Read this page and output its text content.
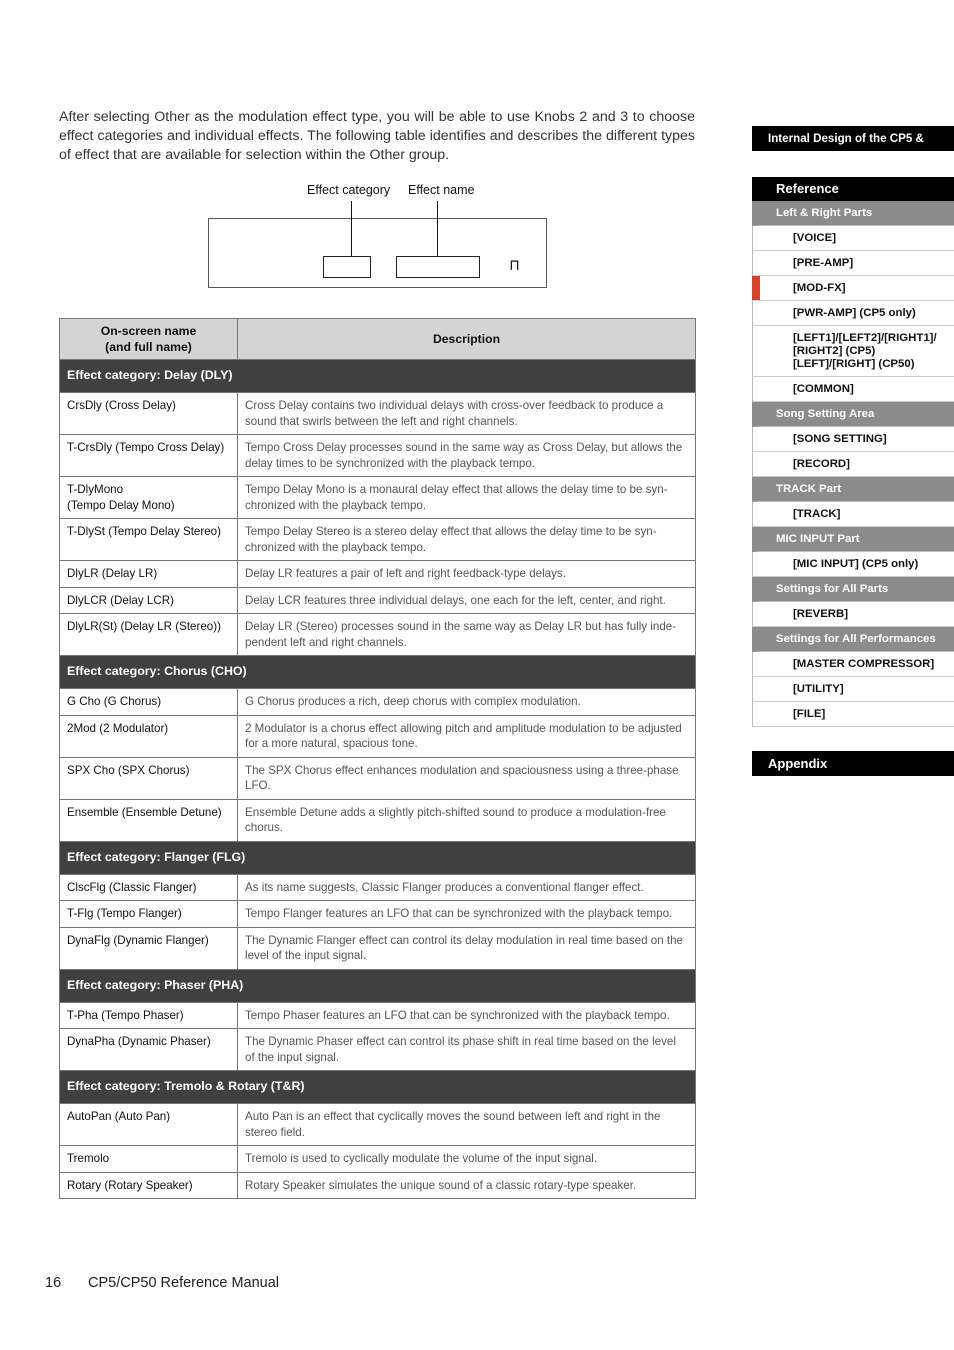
After selecting Other as the modulation effect type, you will be able to use Knobs 2 and 3 to choose effect categories and individual effects. The following table identifies and describes the different types of effect that are available for selection within the Other group.

Effect category Effect name
⊓
On-screen name
(and full name)	Description
Effect category: Delay (DLY)	
CrsDly (Cross Delay)	Cross Delay contains two individual delays with cross-over feedback to produce a sound that swirls between the left and right channels.
T-CrsDly (Tempo Cross Delay)	Tempo Cross Delay processes sound in the same way as Cross Delay, but allows the delay times to be synchronized with the playback tempo.
T-DlyMono
(Tempo Delay Mono)	Tempo Delay Mono is a monaural delay effect that allows the delay time to be syn-chronized with the playback tempo.
T-DlySt (Tempo Delay Stereo)	Tempo Delay Stereo is a stereo delay effect that allows the delay time to be syn-chronized with the playback tempo.
DlyLR (Delay LR)	Delay LR features a pair of left and right feedback-type delays.
DlyLCR (Delay LCR)	Delay LCR features three individual delays, one each for the left, center, and right.
DlyLR(St) (Delay LR (Stereo))	Delay LR (Stereo) processes sound in the same way as Delay LR but has fully inde-pendent left and right channels.
Effect category: Chorus (CHO)	
G Cho (G Chorus)	G Chorus produces a rich, deep chorus with complex modulation.
2Mod (2 Modulator)	2 Modulator is a chorus effect allowing pitch and amplitude modulation to be adjusted for a more natural, spacious tone.
SPX Cho (SPX Chorus)	The SPX Chorus effect enhances modulation and spaciousness using a three-phase LFO.
Ensemble (Ensemble Detune)	Ensemble Detune adds a slightly pitch-shifted sound to produce a modulation-free chorus.
Effect category: Flanger (FLG)	
ClscFlg (Classic Flanger)	As its name suggests, Classic Flanger produces a conventional flanger effect.
T-Flg (Tempo Flanger)	Tempo Flanger features an LFO that can be synchronized with the playback tempo.
DynaFlg (Dynamic Flanger)	The Dynamic Flanger effect can control its delay modulation in real time based on the level of the input signal.
Effect category: Phaser (PHA)	
T-Pha (Tempo Phaser)	Tempo Phaser features an LFO that can be synchronized with the playback tempo.
DynaPha (Dynamic Phaser)	The Dynamic Phaser effect can control its phase shift in real time based on the level of the input signal.
Effect category: Tremolo & Rotary (T&R)	
AutoPan (Auto Pan)	Auto Pan is an effect that cyclically moves the sound between left and right in the stereo field.
Tremolo	Tremolo is used to cyclically modulate the volume of the input signal.
Rotary (Rotary Speaker)	Rotary Speaker simulates the unique sound of a classic rotary-type speaker.
Internal Design of the CP5 & CP50
Reference
Left & Right Parts
[VOICE]
[PRE-AMP]
[MOD-FX]
[PWR-AMP] (CP5 only)
[LEFT1]/[LEFT2]/[RIGHT1]/
[RIGHT2] (CP5)
[LEFT]/[RIGHT] (CP50)
[COMMON]
Song Setting Area
[SONG SETTING]
[RECORD]
TRACK Part
[TRACK]
MIC INPUT Part
[MIC INPUT] (CP5 only)
Settings for All Parts
[REVERB]
Settings for All Performances
[MASTER COMPRESSOR]
[UTILITY]
[FILE]
Appendix
16 CP5/CP50 Reference Manual
